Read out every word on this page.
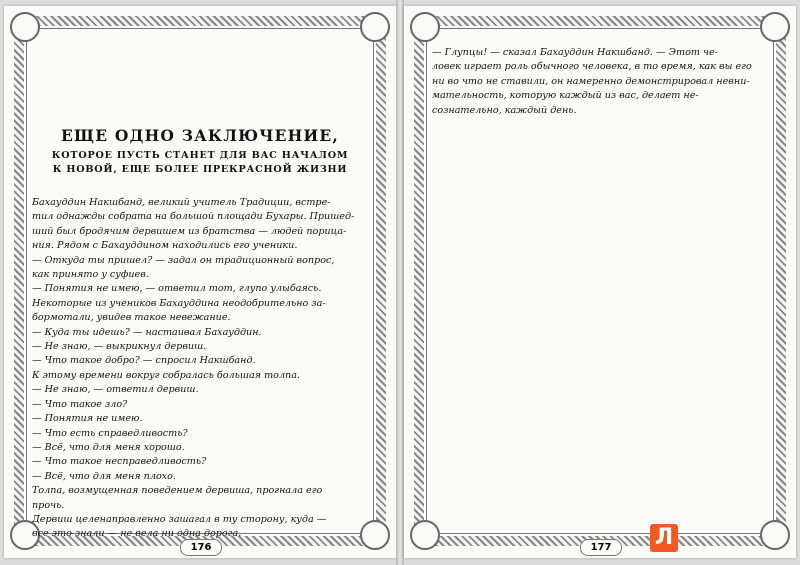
ЕЩЕ ОДНО ЗАКЛЮЧЕНИЕ,
КОТОРОЕ ПУСТЬ СТАНЕТ ДЛЯ ВАС НАЧАЛОМ
К НОВОЙ, ЕЩЕ БОЛЕЕ ПРЕКРАСНОЙ ЖИЗНИ
Бахауддин Накшбанд, великий учитель Традиции, встре-
тил однажды собрата на большой площади Бухары. Пришед-
ший был бродячим дервишем из братства — людей порица-
ния. Рядом с Бахауддином находились его ученики.
— Откуда ты пришел? — задал он традиционный вопрос,
как принято у суфиев.
— Понятия не имею, — ответил тот, глупо улыбаясь.
Некоторые из учеников Бахауддина неодобрительно за-
бормотали, увидев такое невежание.
— Куда ты идешь? — настаивал Бахауддин.
— Не знаю, — выкрикнул дервиш.
— Что такое добро? — спросил Накшбанд.
К этому времени вокруг собралась большая толпа.
— Не знаю, — ответил дервиш.
— Что такое зло?
— Понятия не имею.
— Что есть справедливость?
— Всё, что для меня хорошо.
— Что такое несправедливость?
— Всё, что для меня плохо.
Толпа, возмущенная поведением дервиша, прогнала его
прочь.
Дервиш целенаправленно зашагал в ту сторону, куда —
все это знали — не вела ни одна дорога.
176
— Глупцы! — сказал Бахауддин Накшбанд. — Этот че-
ловек играет роль обычного человека, в то время, как вы его
ни во что не ставили, он намеренно демонстрировал невни-
мательность, которую каждый из вас, делает не-
сознательно, каждый день.
177	Л
